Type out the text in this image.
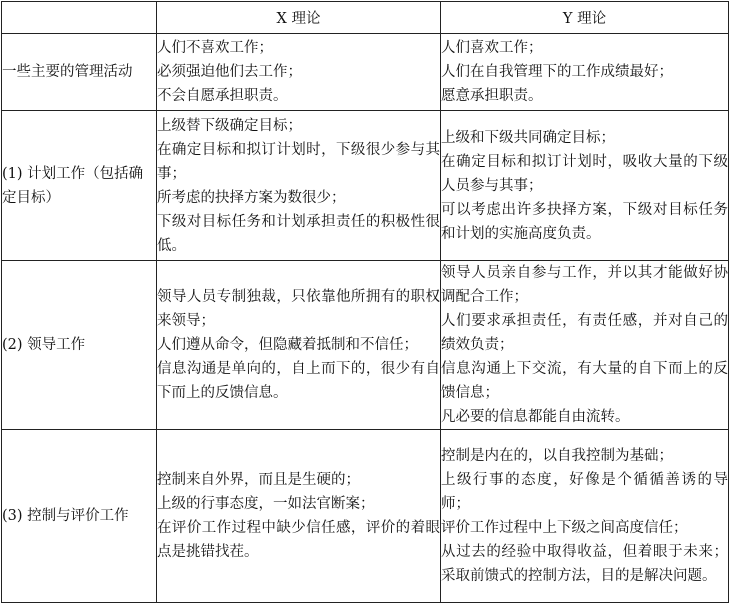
	X 理论	Y 理论
一些主要的管理活动	人们不喜欢工作；
必须强迫他们去工作；
不会自愿承担职责。	人们喜欢工作；
人们在自我管理下的工作成绩最好；
愿意承担职责。

(1) 计划工作（包括确定目标）	上级替下级确定目标；
在确定目标和拟订计划时，下级很少参与其事；
所考虑的抉择方案为数很少；
下级对目标任务和计划承担责任的积极性很低。	上级和下级共同确定目标；
在确定目标和拟订计划时，吸收大量的下级人员参与其事；
可以考虑出许多抉择方案，下级对目标任务和计划的实施高度负责。

(2) 领导工作	领导人员专制独裁，只依靠他所拥有的职权来领导；
人们遵从命令，但隐藏着抵制和不信任；
信息沟通是单向的，自上而下的，很少有自下而上的反馈信息。	领导人员亲自参与工作，并以其才能做好协调配合工作；
人们要求承担责任，有责任感，并对自己的绩效负责；
信息沟通上下交流，有大量的自下而上的反馈信息；
凡必要的信息都能自由流转。

(3) 控制与评价工作	控制来自外界，而且是生硬的；
上级的行事态度，一如法官断案；
在评价工作过程中缺少信任感，评价的着眼点是挑错找茬。	控制是内在的，以自我控制为基础；
上级行事的态度，好像是个循循善诱的导师；
评价工作过程中上下级之间高度信任；
从过去的经验中取得收益，但着眼于未来；采取前馈式的控制方法，目的是解决问题。
